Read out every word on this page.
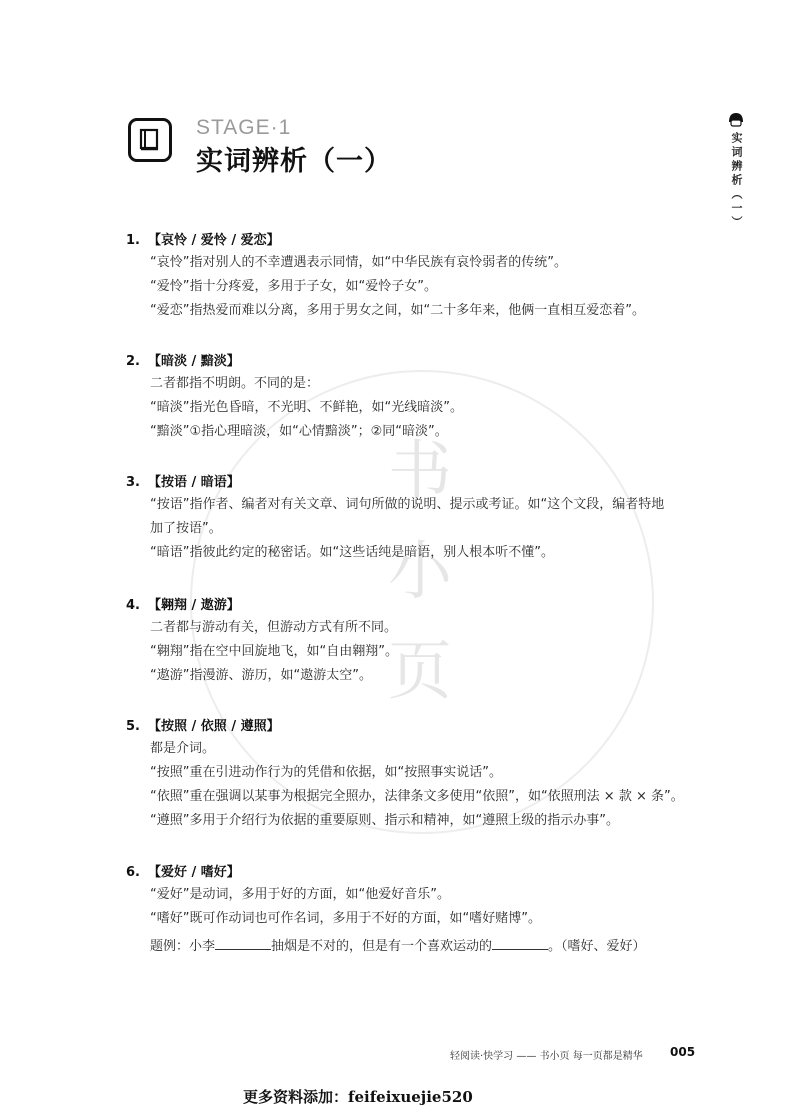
书
小
页
STAGE·1
实词辨析（一）	实词辨析（一）
1. 【哀怜 / 爱怜 / 爱恋】
“哀怜”指对别人的不幸遭遇表示同情，如“中华民族有哀怜弱者的传统”。
“爱怜”指十分疼爱，多用于子女，如“爱怜子女”。
“爱恋”指热爱而难以分离，多用于男女之间，如“二十多年来，他俩一直相互爱恋着”。
2. 【暗淡 / 黯淡】
二者都指不明朗。不同的是：
“暗淡”指光色昏暗，不光明、不鲜艳，如“光线暗淡”。
“黯淡”①指心理暗淡，如“心情黯淡”；②同“暗淡”。
3. 【按语 / 暗语】
“按语”指作者、编者对有关文章、词句所做的说明、提示或考证。如“这个文段，编者特地
加了按语”。
“暗语”指彼此约定的秘密话。如“这些话纯是暗语，别人根本听不懂”。
4. 【翱翔 / 遨游】
二者都与游动有关，但游动方式有所不同。
“翱翔”指在空中回旋地飞，如“自由翱翔”。
“遨游”指漫游、游历，如“遨游太空”。
5. 【按照 / 依照 / 遵照】
都是介词。
“按照”重在引进动作行为的凭借和依据，如“按照事实说话”。
“依照”重在强调以某事为根据完全照办，法律条文多使用“依照”，如“依照刑法 × 款 × 条”。
“遵照”多用于介绍行为依据的重要原则、指示和精神，如“遵照上级的指示办事”。
6. 【爱好 / 嗜好】
“爱好”是动词，多用于好的方面，如“他爱好音乐”。
“嗜好”既可作动词也可作名词，多用于不好的方面，如“嗜好赌博”。
题例：小李	抽烟是不对的，但是有一个喜欢运动的	。（嗜好、爱好）
轻阅读·快学习 —— 书小页 每一页都是精华 005
更多资料添加：feifeixuejie520
